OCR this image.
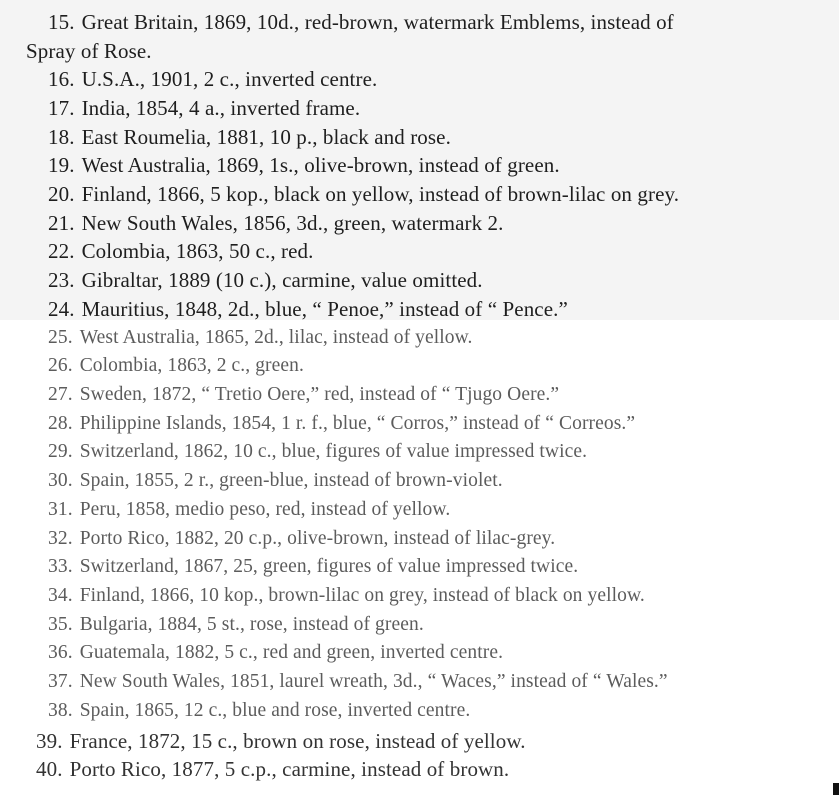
15. Great Britain, 1869, 10d., red-brown, watermark Emblems, instead of
Spray of Rose.
16. U.S.A., 1901, 2 c., inverted centre.
17. India, 1854, 4 a., inverted frame.
18. East Roumelia, 1881, 10 p., black and rose.
19. West Australia, 1869, 1s., olive-brown, instead of green.
20. Finland, 1866, 5 kop., black on yellow, instead of brown-lilac on grey.
21. New South Wales, 1856, 3d., green, watermark 2.
22. Colombia, 1863, 50 c., red.
23. Gibraltar, 1889 (10 c.), carmine, value omitted.
24. Mauritius, 1848, 2d., blue, “ Penoe,” instead of “ Pence.”
25. West Australia, 1865, 2d., lilac, instead of yellow.
26. Colombia, 1863, 2 c., green.
27. Sweden, 1872, “ Tretio Oere,” red, instead of “ Tjugo Oere.”
28. Philippine Islands, 1854, 1 r. f., blue, “ Corros,” instead of “ Correos.”
29. Switzerland, 1862, 10 c., blue, figures of value impressed twice.
30. Spain, 1855, 2 r., green-blue, instead of brown-violet.
31. Peru, 1858, medio peso, red, instead of yellow.
32. Porto Rico, 1882, 20 c.p., olive-brown, instead of lilac-grey.
33. Switzerland, 1867, 25, green, figures of value impressed twice.
34. Finland, 1866, 10 kop., brown-lilac on grey, instead of black on yellow.
35. Bulgaria, 1884, 5 st., rose, instead of green.
36. Guatemala, 1882, 5 c., red and green, inverted centre.
37. New South Wales, 1851, laurel wreath, 3d., “ Waces,” instead of “ Wales.”
38. Spain, 1865, 12 c., blue and rose, inverted centre.
39. France, 1872, 15 c., brown on rose, instead of yellow.
40. Porto Rico, 1877, 5 c.p., carmine, instead of brown.
